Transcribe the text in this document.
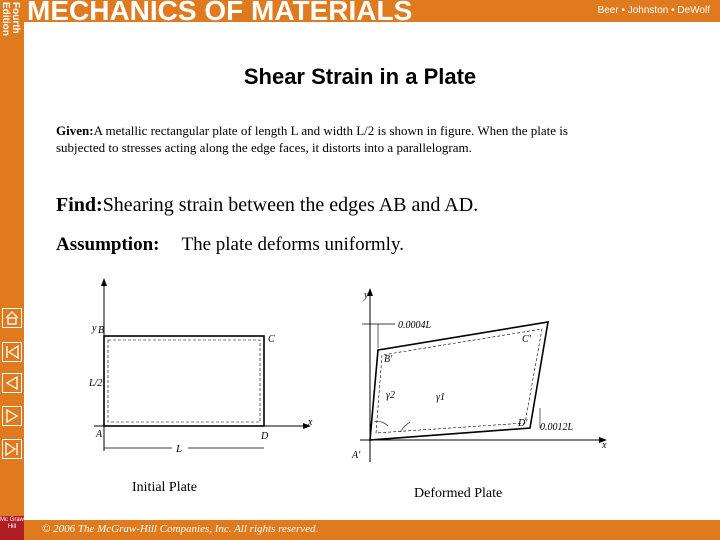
Fourth
Edition MECHANICS OF MATERIALS	Beer • Johnston • DeWolf
Shear Strain in a Plate
Given:A metallic rectangular plate of length L and width L/2 is shown in figure. When the plate is subjected to stresses acting along the edge faces, it distorts into a parallelogram.
Find:Shearing strain between the edges AB and AD.
Assumption: The plate deforms uniformly.
y B
C
A	D
x
L/2
L
0.0004L
0.0012L
y
x
B'
C'
A'
D'
γ1
γ2
Initial Plate	Deformed Plate
© 2006 The McGraw-Hill Companies, Inc. All rights reserved.
Mc Graw Hill
